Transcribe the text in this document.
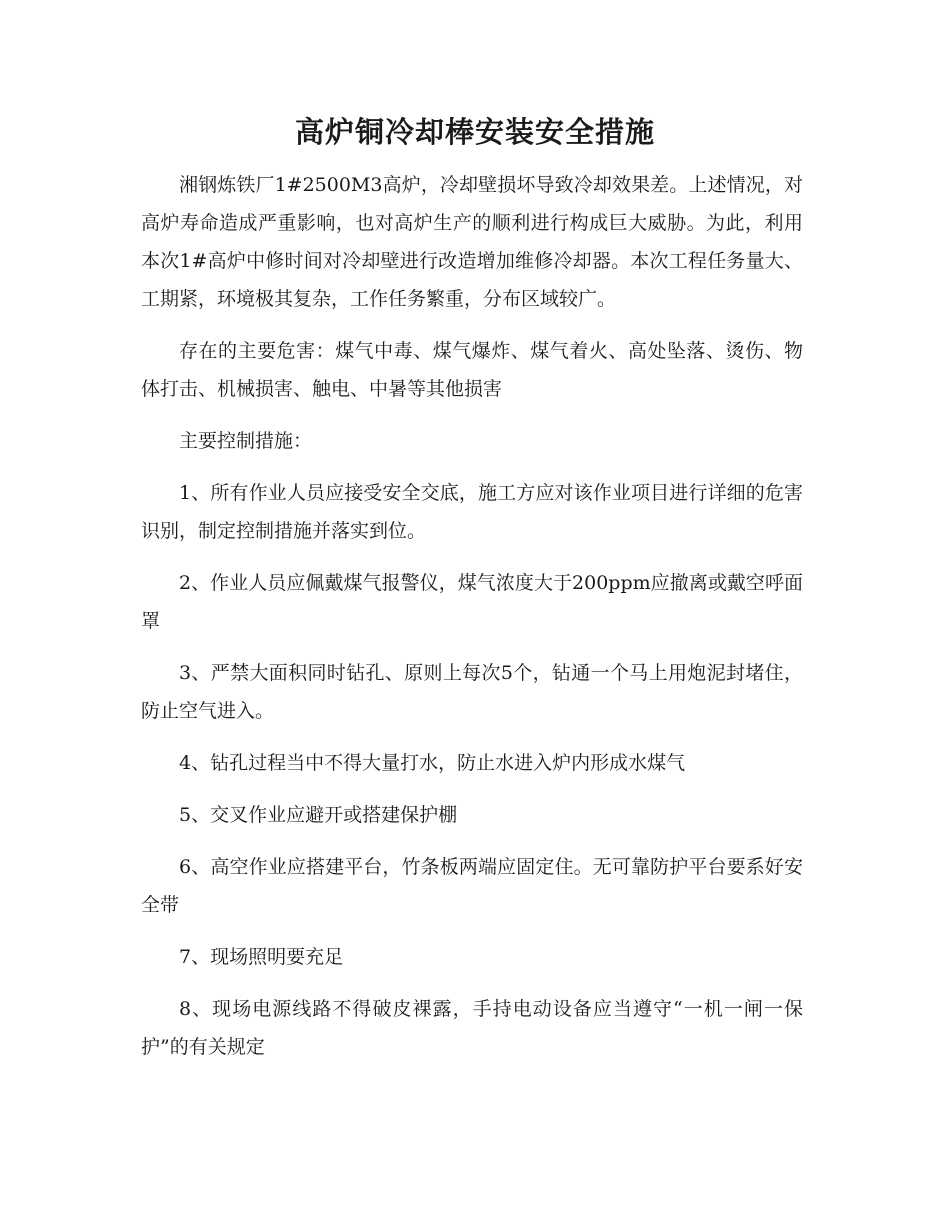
高炉铜冷却棒安装安全措施

湘钢炼铁厂1#2500M3高炉，冷却壁损坏导致冷却效果差。上述情况，对高炉寿命造成严重影响，也对高炉生产的顺利进行构成巨大威胁。为此，利用本次1#高炉中修时间对冷却壁进行改造增加维修冷却器。本次工程任务量大、工期紧，环境极其复杂，工作任务繁重，分布区域较广。

存在的主要危害：煤气中毒、煤气爆炸、煤气着火、高处坠落、烫伤、物体打击、机械损害、触电、中暑等其他损害

主要控制措施：

1、所有作业人员应接受安全交底，施工方应对该作业项目进行详细的危害识别，制定控制措施并落实到位。

2、作业人员应佩戴煤气报警仪，煤气浓度大于200ppm应撤离或戴空呼面罩

3、严禁大面积同时钻孔、原则上每次5个，钻通一个马上用炮泥封堵住，防止空气进入。

4、钻孔过程当中不得大量打水，防止水进入炉内形成水煤气

5、交叉作业应避开或搭建保护棚

6、高空作业应搭建平台，竹条板两端应固定住。无可靠防护平台要系好安全带

7、现场照明要充足

8、现场电源线路不得破皮裸露，手持电动设备应当遵守“一机一闸一保护”的有关规定
